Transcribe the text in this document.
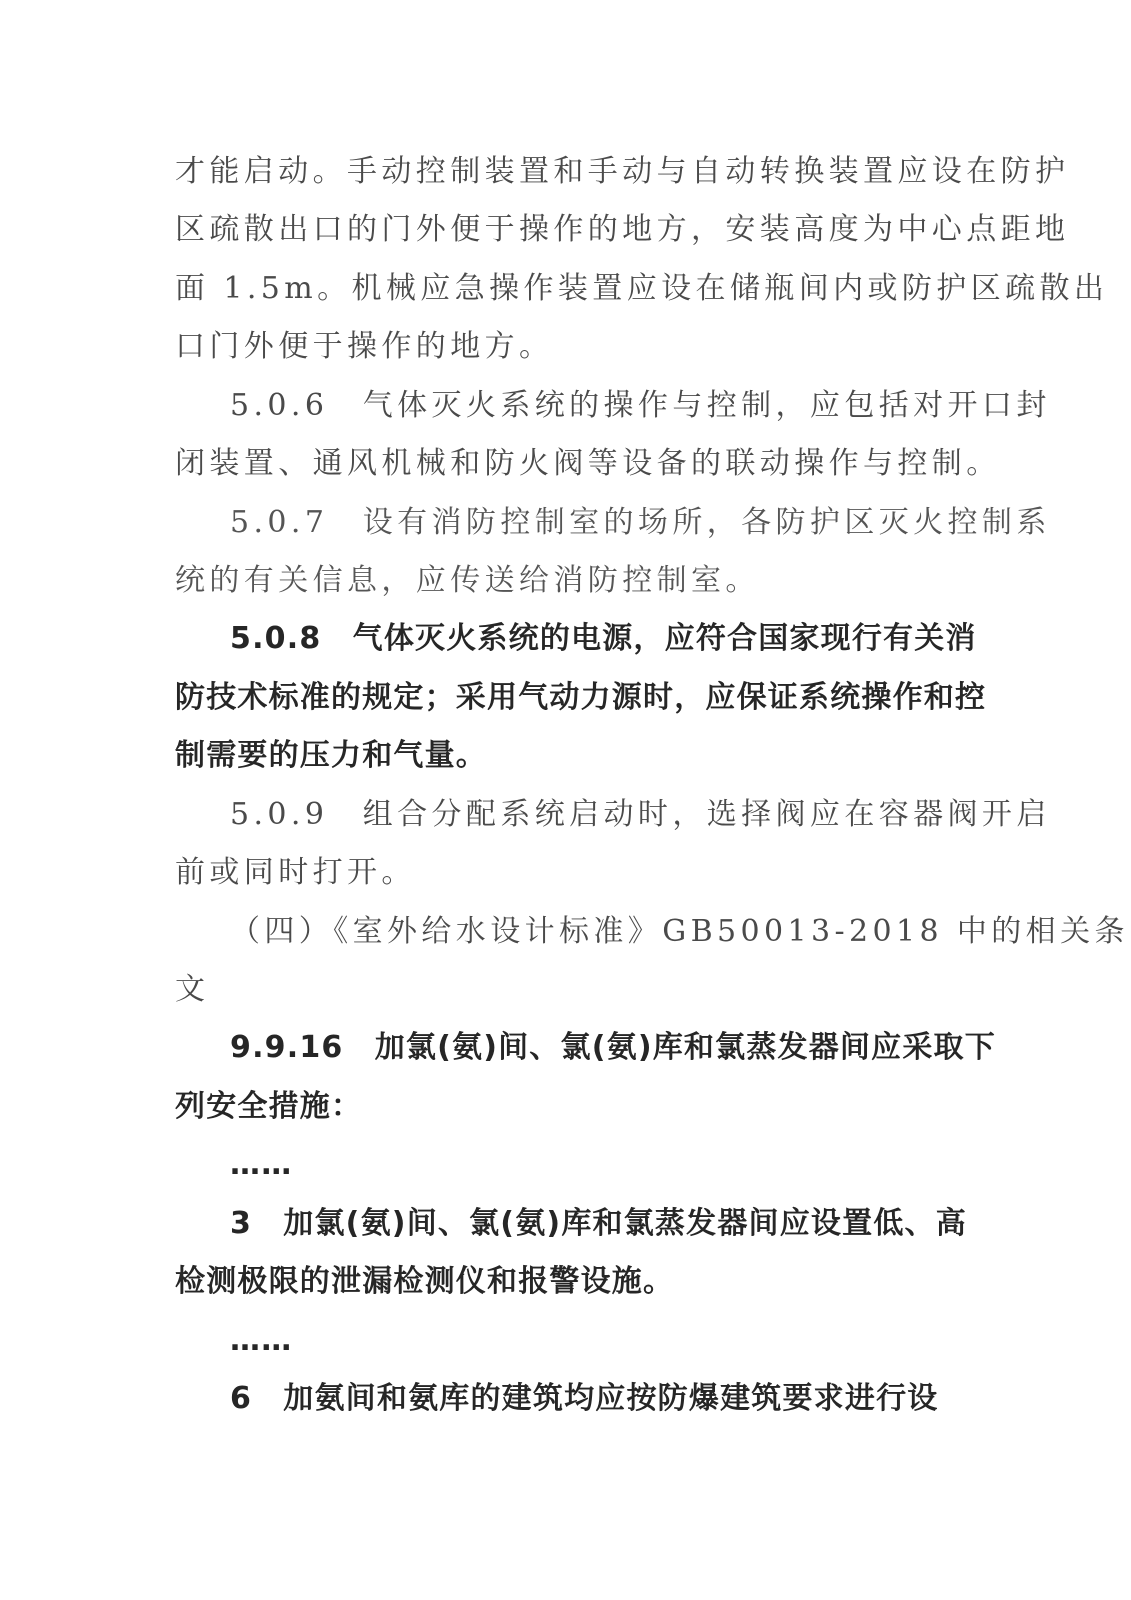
才能启动。手动控制装置和手动与自动转换装置应设在防护
区疏散出口的门外便于操作的地方，安装高度为中心点距地
面 1.5m。机械应急操作装置应设在储瓶间内或防护区疏散出
口门外便于操作的地方。
5.0.6　气体灭火系统的操作与控制，应包括对开口封
闭装置、通风机械和防火阀等设备的联动操作与控制。
5.0.7　设有消防控制室的场所，各防护区灭火控制系
统的有关信息，应传送给消防控制室。
5.0.8　气体灭火系统的电源，应符合国家现行有关消
防技术标准的规定；采用气动力源时，应保证系统操作和控
制需要的压力和气量。
5.0.9　组合分配系统启动时，选择阀应在容器阀开启
前或同时打开。
（四）《室外给水设计标准》GB50013-2018 中的相关条
文
9.9.16　加氯(氨)间、氯(氨)库和氯蒸发器间应采取下
列安全措施：
……
3　加氯(氨)间、氯(氨)库和氯蒸发器间应设置低、高
检测极限的泄漏检测仪和报警设施。
……
6　加氨间和氨库的建筑均应按防爆建筑要求进行设
